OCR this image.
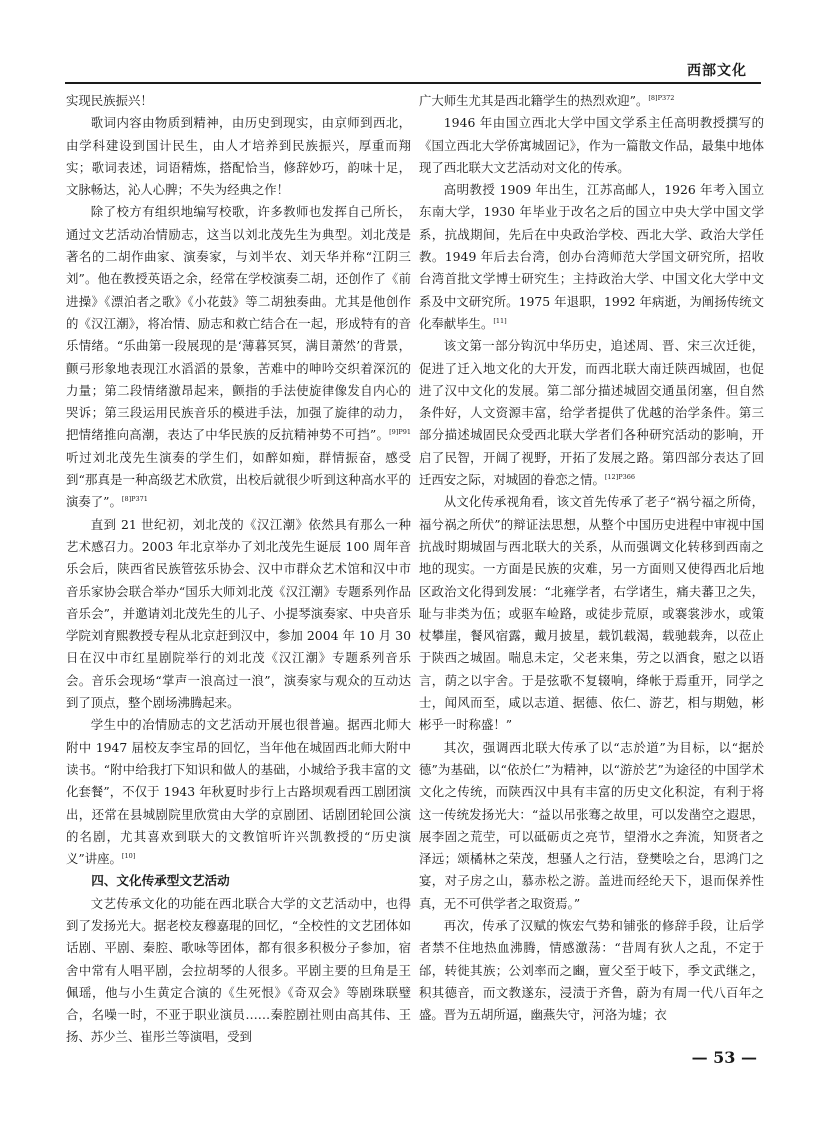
西部文化

实现民族振兴！

歌词内容由物质到精神，由历史到现实，由京师到西北，由学科建设到国计民生，由人才培养到民族振兴，厚重而翔实；歌词表述，词语精炼，搭配恰当，修辞妙巧，韵味十足，文脉畅达，沁人心脾；不失为经典之作！

除了校方有组织地编写校歌，许多教师也发挥自己所长，通过文艺活动冶情励志，这当以刘北茂先生为典型。刘北茂是著名的二胡作曲家、演奏家，与刘半农、刘天华并称“江阴三刘”。他在教授英语之余，经常在学校演奏二胡，还创作了《前进操》《漂泊者之歌》《小花鼓》等二胡独奏曲。尤其是他创作的《汉江潮》，将冶情、励志和救亡结合在一起，形成特有的音乐情绪。“乐曲第一段展现的是‘薄暮冥冥，满目萧然’的背景，颤弓形象地表现江水滔滔的景象，苦难中的呻吟交织着深沉的力量；第二段情绪激昂起来，颤指的手法使旋律像发自内心的哭诉；第三段运用民族音乐的模进手法，加强了旋律的动力，把情绪推向高潮，表达了中华民族的反抗精神势不可挡”。$^{[9]P91}$听过刘北茂先生演奏的学生们，如醉如痴，群情振奋，感受到“那真是一种高级艺术欣赏，出校后就很少听到这种高水平的演奏了”。$^{[8]P371}$

直到 21 世纪初，刘北茂的《汉江潮》依然具有那么一种艺术感召力。2003 年北京举办了刘北茂先生诞辰 100 周年音乐会后，陕西省民族管弦乐协会、汉中市群众艺术馆和汉中市音乐家协会联合举办“国乐大师刘北茂《汉江潮》专题系列作品音乐会”，并邀请刘北茂先生的儿子、小提琴演奏家、中央音乐学院刘育熙教授专程从北京赶到汉中，参加 2004 年 10 月 30 日在汉中市红星剧院举行的刘北茂《汉江潮》专题系列音乐会。音乐会现场“掌声一浪高过一浪”，演奏家与观众的互动达到了顶点，整个剧场沸腾起来。

学生中的冶情励志的文艺活动开展也很普遍。据西北师大附中 1947 届校友李宝昂的回忆，当年他在城固西北师大附中读书。“附中给我打下知识和做人的基础，小城给予我丰富的文化套餐”，不仅于 1943 年秋夏时步行上古路坝观看西工剧团演出，还常在县城剧院里欣赏由大学的京剧团、话剧团轮回公演的名剧，尤其喜欢到联大的文教馆听许兴凯教授的“历史演义”讲座。[10]

四、文化传承型文艺活动

文艺传承文化的功能在西北联合大学的文艺活动中，也得到了发扬光大。据老校友穆嘉琨的回忆，“全校性的文艺团体如话剧、平剧、秦腔、歌咏等团体，都有很多积极分子参加，宿舍中常有人唱平剧，会拉胡琴的人很多。平剧主要的旦角是王佩瑶，他与小生黄定合演的《生死恨》《奇双会》等剧珠联璧合，名噪一时，不亚于职业演员……秦腔剧社则由高其伟、王扬、苏少兰、崔彤兰等演唱，受到

广大师生尤其是西北籍学生的热烈欢迎”。$^{[8]P372}$

1946 年由国立西北大学中国文学系主任高明教授撰写的《国立西北大学侨寓城固记》，作为一篇散文作品，最集中地体现了西北联大文艺活动对文化的传承。

高明教授 1909 年出生，江苏高邮人，1926 年考入国立东南大学，1930 年毕业于改名之后的国立中央大学中国文学系，抗战期间，先后在中央政治学校、西北大学、政治大学任教。1949 年后去台湾，创办台湾师范大学国文研究所，招收台湾首批文学博士研究生；主持政治大学、中国文化大学中文系及中文研究所。1975 年退职，1992 年病逝，为阐扬传统文化奉献毕生。[11]

该文第一部分钩沉中华历史，追述周、晋、宋三次迁徙，促进了迁入地文化的大开发，而西北联大南迁陕西城固，也促进了汉中文化的发展。第二部分描述城固交通虽闭塞，但自然条件好，人文资源丰富，给学者提供了优越的治学条件。第三部分描述城固民众受西北联大学者们各种研究活动的影响，开启了民智，开阔了视野，开拓了发展之路。第四部分表达了回迁西安之际，对城固的眷恋之情。$^{[12]P366}$

从文化传承视角看，该文首先传承了老子“祸兮福之所倚，福兮祸之所伏”的辩证法思想，从整个中国历史进程中审视中国抗战时期城固与西北联大的关系，从而强调文化转移到西南之地的现实。一方面是民族的灾难，另一方面则又使得西北后地区政治文化得到发展：“北雍学者，右学诸生，痛夫蕃卫之失，耻与非类为伍；或驱车崄路，或徒步荒原，或褰裳涉水，或策杖攀崖，餐风宿露，戴月披星，载饥载渴，载驰载奔，以莅止于陕西之城固。喘息未定，父老来集，劳之以酒食，慰之以语言，荫之以宇舍。于是弦歌不复辍响，绛帐于焉重开，同学之士，闻风而至，咸以志道、据德、依仁、游艺，相与期勉，彬彬乎一时称盛！”

其次，强调西北联大传承了以“志於道”为目标，以“据於德”为基础，以“依於仁”为精神，以“游於艺”为途径的中国学术文化之传统，而陕西汉中具有丰富的历史文化积淀，有利于将这一传统发扬光大：“益以吊张骞之故里，可以发凿空之遐思，展李固之荒茔，可以砥砺贞之亮节，望滑水之奔流，知贤者之泽远；颂橘林之荣茂，想骚人之行洁，登樊哙之台，思鸿门之宴，对子房之山，慕赤松之游。盖进而经纶天下，退而保养性真，无不可供学者之取资焉。”

再次，传承了汉赋的恢宏气势和铺张的修辞手段，让后学者禁不住地热血沸腾，情感激荡：“昔周有狄人之乱，不定于邰，转徙其族；公刘率而之豳，亶父至于岐下，季文武继之，积其德音，而文教遂东，浸渍于齐鲁，蔚为有周一代八百年之盛。晋为五胡所逼，幽燕失守，河洛为墟；衣

— 53 —
